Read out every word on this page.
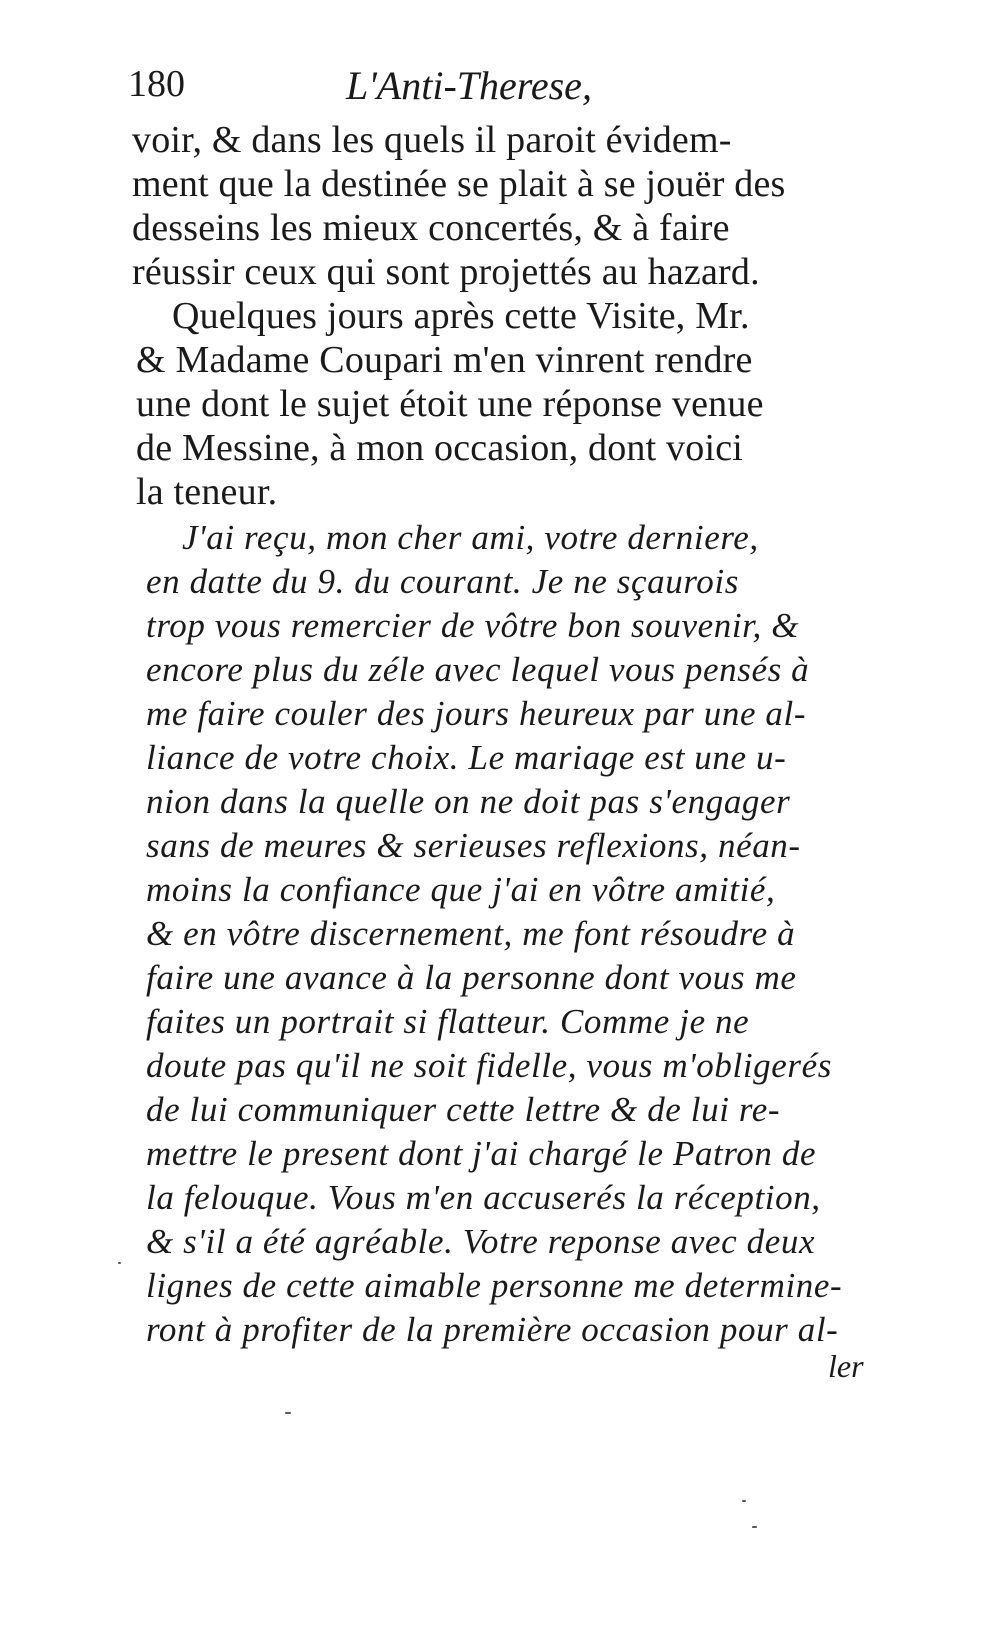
180	L'Anti-Therese,
voir, & dans les quels il paroit évidem-
ment que la destinée se plait à se jouër des
desseins les mieux concertés, & à faire
réussir ceux qui sont projettés au hazard.
Quelques jours après cette Visite, Mr.
& Madame Coupari m'en vinrent rendre
une dont le sujet étoit une réponse venue
de Messine, à mon occasion, dont voici
la teneur.
J'ai reçu, mon cher ami, votre derniere,
en datte du 9. du courant. Je ne sçaurois
trop vous remercier de vôtre bon souvenir, &
encore plus du zéle avec lequel vous pensés à
me faire couler des jours heureux par une al-
liance de votre choix. Le mariage est une u-
nion dans la quelle on ne doit pas s'engager
sans de meures & serieuses reflexions, néan-
moins la confiance que j'ai en vôtre amitié,
& en vôtre discernement, me font résoudre à
faire une avance à la personne dont vous me
faites un portrait si flatteur. Comme je ne
doute pas qu'il ne soit fidelle, vous m'obligerés
de lui communiquer cette lettre & de lui re-
mettre le present dont j'ai chargé le Patron de
la felouque. Vous m'en accuserés la réception,
& s'il a été agréable. Votre reponse avec deux
lignes de cette aimable personne me determine-
ront à profiter de la première occasion pour al-
ler
